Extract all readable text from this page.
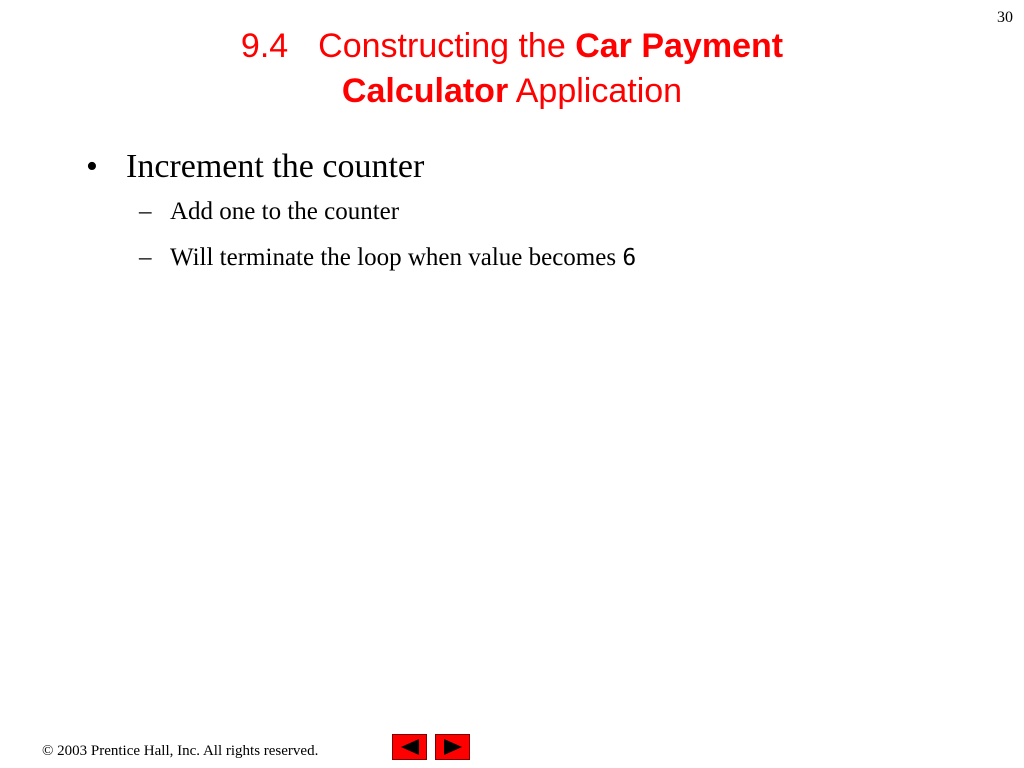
30
9.4 Constructing the Car Payment
Calculator Application
• Increment the counter
– Add one to the counter
– Will terminate the loop when value becomes 6
© 2003 Prentice Hall, Inc. All rights reserved.
